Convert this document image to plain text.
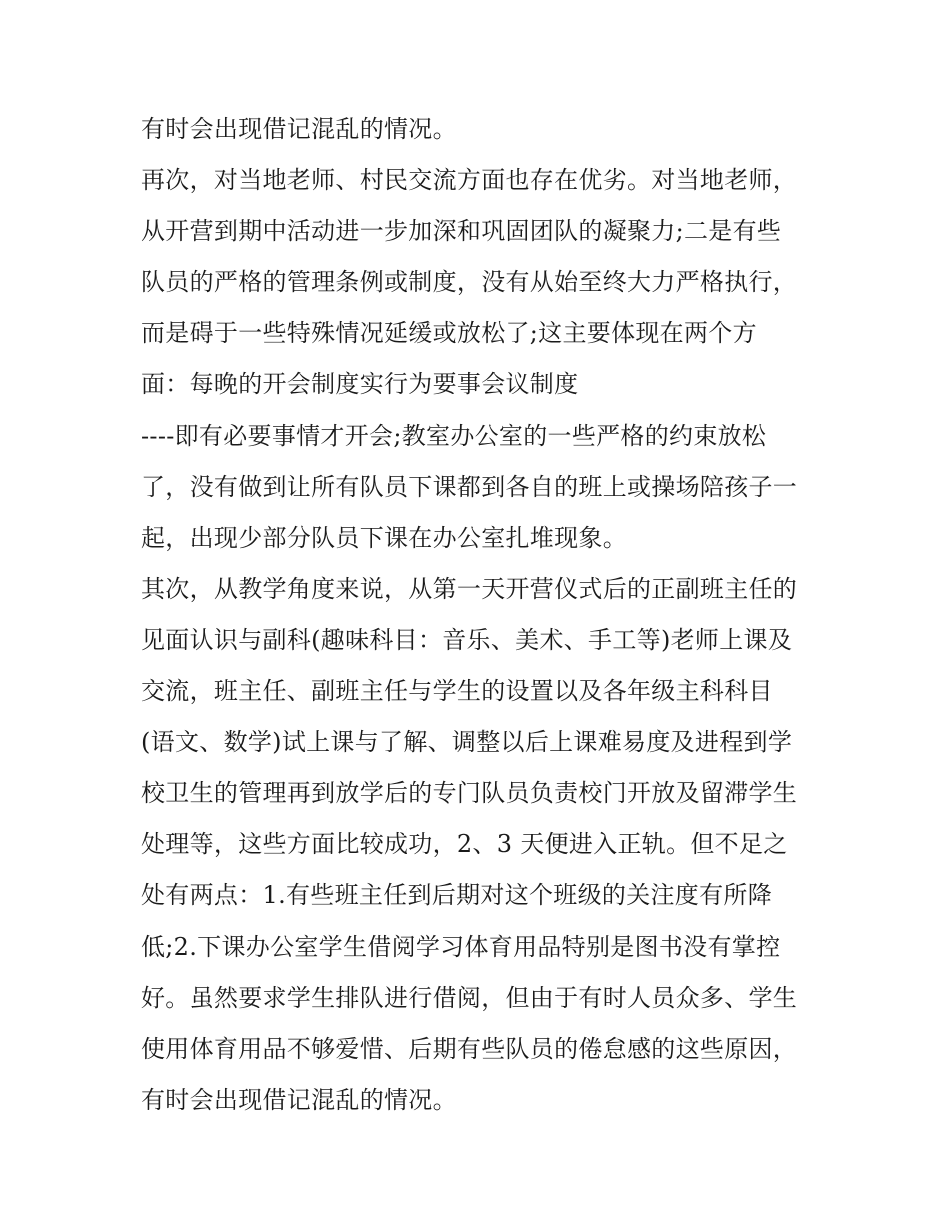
有时会出现借记混乱的情况。
再次，对当地老师、村民交流方面也存在优劣。对当地老师，
从开营到期中活动进一步加深和巩固团队的凝聚力;二是有些
队员的严格的管理条例或制度，没有从始至终大力严格执行，
而是碍于一些特殊情况延缓或放松了;这主要体现在两个方
面：每晚的开会制度实行为要事会议制度
----即有必要事情才开会;教室办公室的一些严格的约束放松
了，没有做到让所有队员下课都到各自的班上或操场陪孩子一
起，出现少部分队员下课在办公室扎堆现象。
其次，从教学角度来说，从第一天开营仪式后的正副班主任的
见面认识与副科(趣味科目：音乐、美术、手工等)老师上课及
交流，班主任、副班主任与学生的设置以及各年级主科科目
(语文、数学)试上课与了解、调整以后上课难易度及进程到学
校卫生的管理再到放学后的专门队员负责校门开放及留滞学生
处理等，这些方面比较成功，2、3 天便进入正轨。但不足之
处有两点：1.有些班主任到后期对这个班级的关注度有所降
低;2.下课办公室学生借阅学习体育用品特别是图书没有掌控
好。虽然要求学生排队进行借阅，但由于有时人员众多、学生
使用体育用品不够爱惜、后期有些队员的倦怠感的这些原因，
有时会出现借记混乱的情况。
